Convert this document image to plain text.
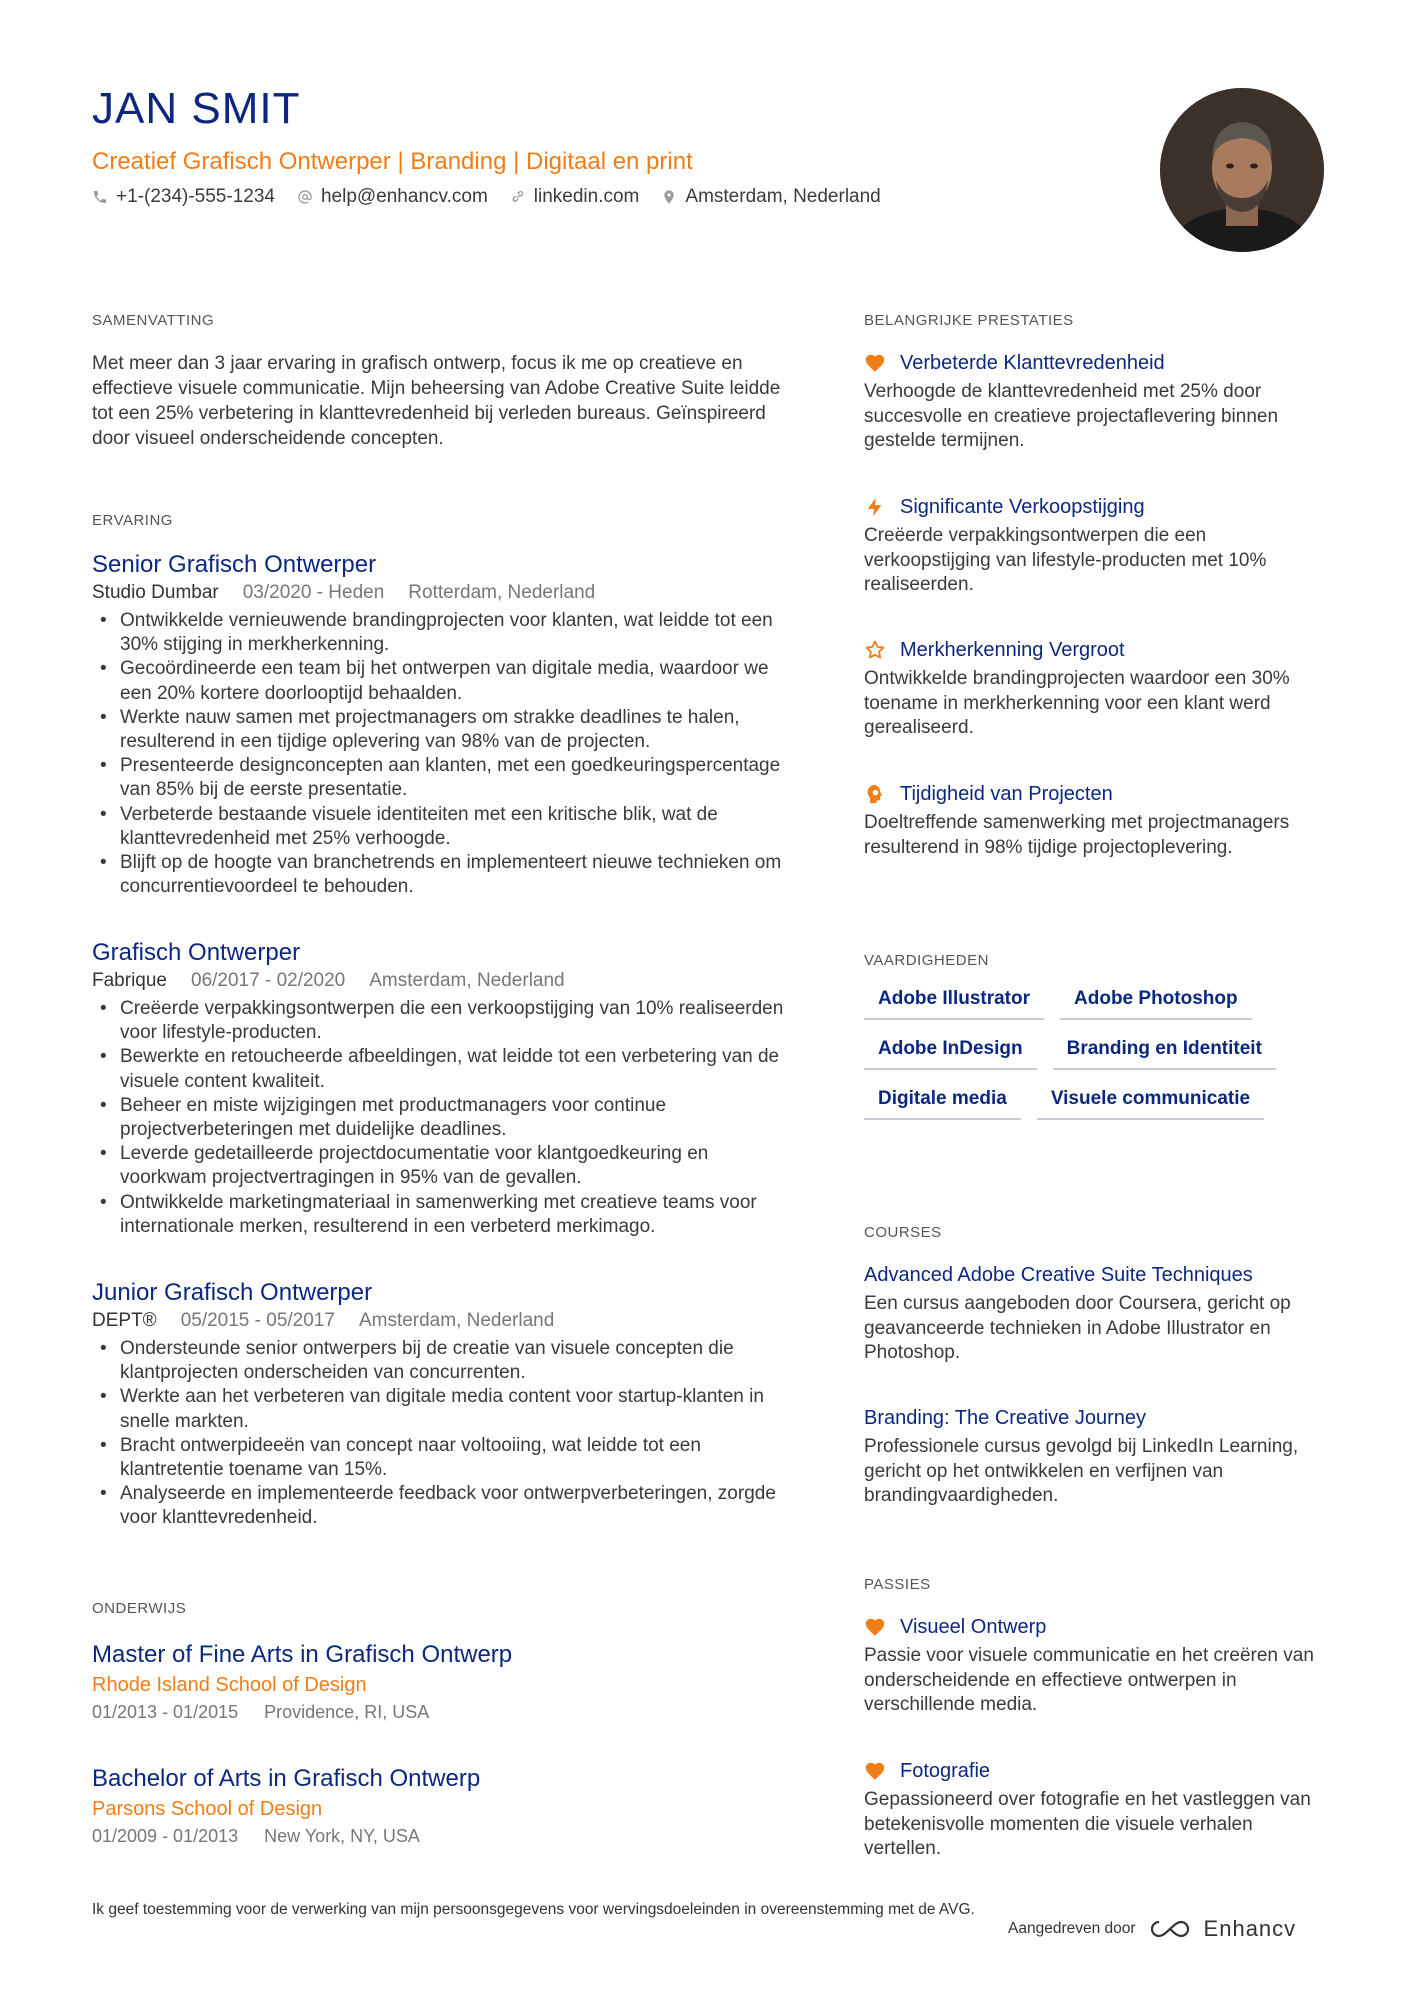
JAN SMIT
Creatief Grafisch Ontwerper | Branding | Digitaal en print
+1-(234)-555-1234 help@enhancv.com linkedin.com Amsterdam, Nederland
SAMENVATTING

Met meer dan 3 jaar ervaring in grafisch ontwerp, focus ik me op creatieve en effectieve visuele communicatie. Mijn beheersing van Adobe Creative Suite leidde tot een 25% verbetering in klanttevredenheid bij verleden bureaus. Geïnspireerd door visueel onderscheidende concepten.

ERVARING
Senior Grafisch Ontwerper
Studio Dumbar 03/2020 - Heden Rotterdam, Nederland
• Ontwikkelde vernieuwende brandingprojecten voor klanten, wat leidde tot een 30% stijging in merkherkenning.
• Gecoördineerde een team bij het ontwerpen van digitale media, waardoor we een 20% kortere doorlooptijd behaalden.
• Werkte nauw samen met projectmanagers om strakke deadlines te halen, resulterend in een tijdige oplevering van 98% van de projecten.
• Presenteerde designconcepten aan klanten, met een goedkeuringspercentage van 85% bij de eerste presentatie.
• Verbeterde bestaande visuele identiteiten met een kritische blik, wat de klanttevredenheid met 25% verhoogde.
• Blijft op de hoogte van branchetrends en implementeert nieuwe technieken om concurrentievoordeel te behouden.
Grafisch Ontwerper
Fabrique 06/2017 - 02/2020 Amsterdam, Nederland
• Creëerde verpakkingsontwerpen die een verkoopstijging van 10% realiseerden voor lifestyle-producten.
• Bewerkte en retoucheerde afbeeldingen, wat leidde tot een verbetering van de visuele content kwaliteit.
• Beheer en miste wijzigingen met productmanagers voor continue projectverbeteringen met duidelijke deadlines.
• Leverde gedetailleerde projectdocumentatie voor klantgoedkeuring en voorkwam projectvertragingen in 95% van de gevallen.
• Ontwikkelde marketingmateriaal in samenwerking met creatieve teams voor internationale merken, resulterend in een verbeterd merkimago.
Junior Grafisch Ontwerper
DEPT® 05/2015 - 05/2017 Amsterdam, Nederland
• Ondersteunde senior ontwerpers bij de creatie van visuele concepten die klantprojecten onderscheiden van concurrenten.
• Werkte aan het verbeteren van digitale media content voor startup-klanten in snelle markten.
• Bracht ontwerpideeën van concept naar voltooiing, wat leidde tot een klantretentie toename van 15%.
• Analyseerde en implementeerde feedback voor ontwerpverbeteringen, zorgde voor klanttevredenheid.
ONDERWIJS
Master of Fine Arts in Grafisch Ontwerp
Rhode Island School of Design
01/2013 - 01/2015 Providence, RI, USA
Bachelor of Arts in Grafisch Ontwerp
Parsons School of Design
01/2009 - 01/2013 New York, NY, USA
BELANGRIJKE PRESTATIES
Verbeterde Klanttevredenheid
Verhoogde de klanttevredenheid met 25% door succesvolle en creatieve projectaflevering binnen gestelde termijnen.
Significante Verkoopstijging
Creëerde verpakkingsontwerpen die een verkoopstijging van lifestyle-producten met 10% realiseerden.
Merkherkenning Vergroot
Ontwikkelde brandingprojecten waardoor een 30% toename in merkherkenning voor een klant werd gerealiseerd.
Tijdigheid van Projecten
Doeltreffende samenwerking met projectmanagers resulterend in 98% tijdige projectoplevering.
VAARDIGHEDEN
Adobe Illustrator	Adobe Photoshop
Adobe InDesign	Branding en Identiteit
Digitale media	Visuele communicatie
COURSES
Advanced Adobe Creative Suite Techniques
Een cursus aangeboden door Coursera, gericht op geavanceerde technieken in Adobe Illustrator en Photoshop.
Branding: The Creative Journey
Professionele cursus gevolgd bij LinkedIn Learning, gericht op het ontwikkelen en verfijnen van brandingvaardigheden.
PASSIES
Visueel Ontwerp
Passie voor visuele communicatie en het creëren van onderscheidende en effectieve ontwerpen in verschillende media.
Fotografie
Gepassioneerd over fotografie en het vastleggen van betekenisvolle momenten die visuele verhalen vertellen.
Ik geef toestemming voor de verwerking van mijn persoonsgegevens voor wervingsdoeleinden in overeenstemming met de AVG.
Aangedreven door	Enhancv
